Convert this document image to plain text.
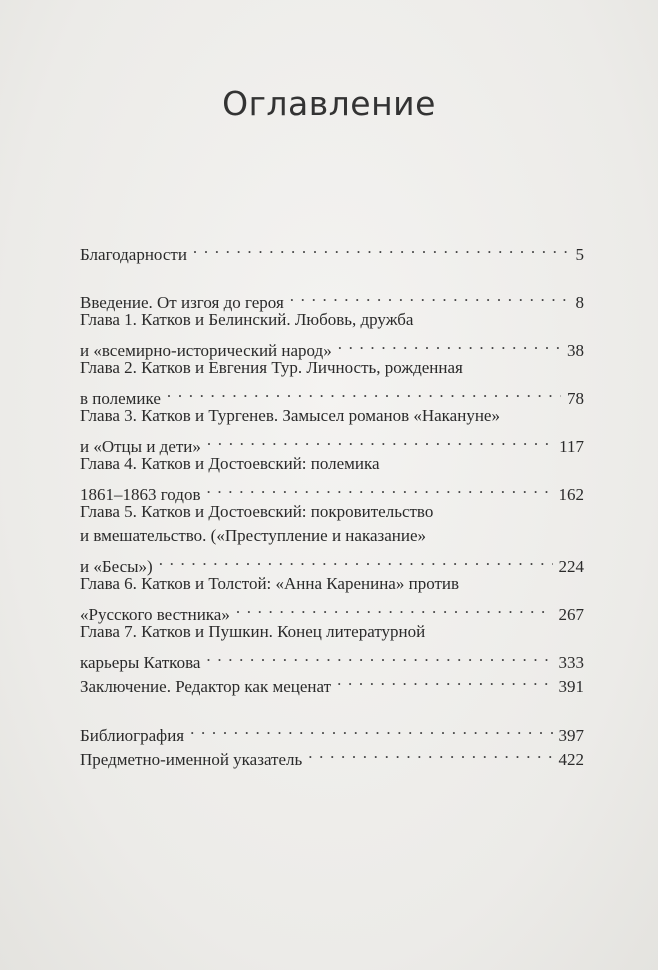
Оглавление
Благодарности . . .	5
Введение. От изгоя до героя . . .	8
Глава 1. Катков и Белинский. Любовь, дружба
и «всемирно-исторический народ» . . .	38
Глава 2. Катков и Евгения Тур. Личность, рожденная
в полемике . . .	78
Глава 3. Катков и Тургенев. Замысел романов «Накануне»
и «Отцы и дети» . . .	117
Глава 4. Катков и Достоевский: полемика
1861–1863 годов . . .	162
Глава 5. Катков и Достоевский: покровительство
и вмешательство. («Преступление и наказание»
и «Бесы») . . .	224
Глава 6. Катков и Толстой: «Анна Каренина» против
«Русского вестника» . . .	267
Глава 7. Катков и Пушкин. Конец литературной
карьеры Каткова . . .	333
Заключение. Редактор как меценат . . .	391
Библиография . . .	397
Предметно-именной указатель . . .	422
